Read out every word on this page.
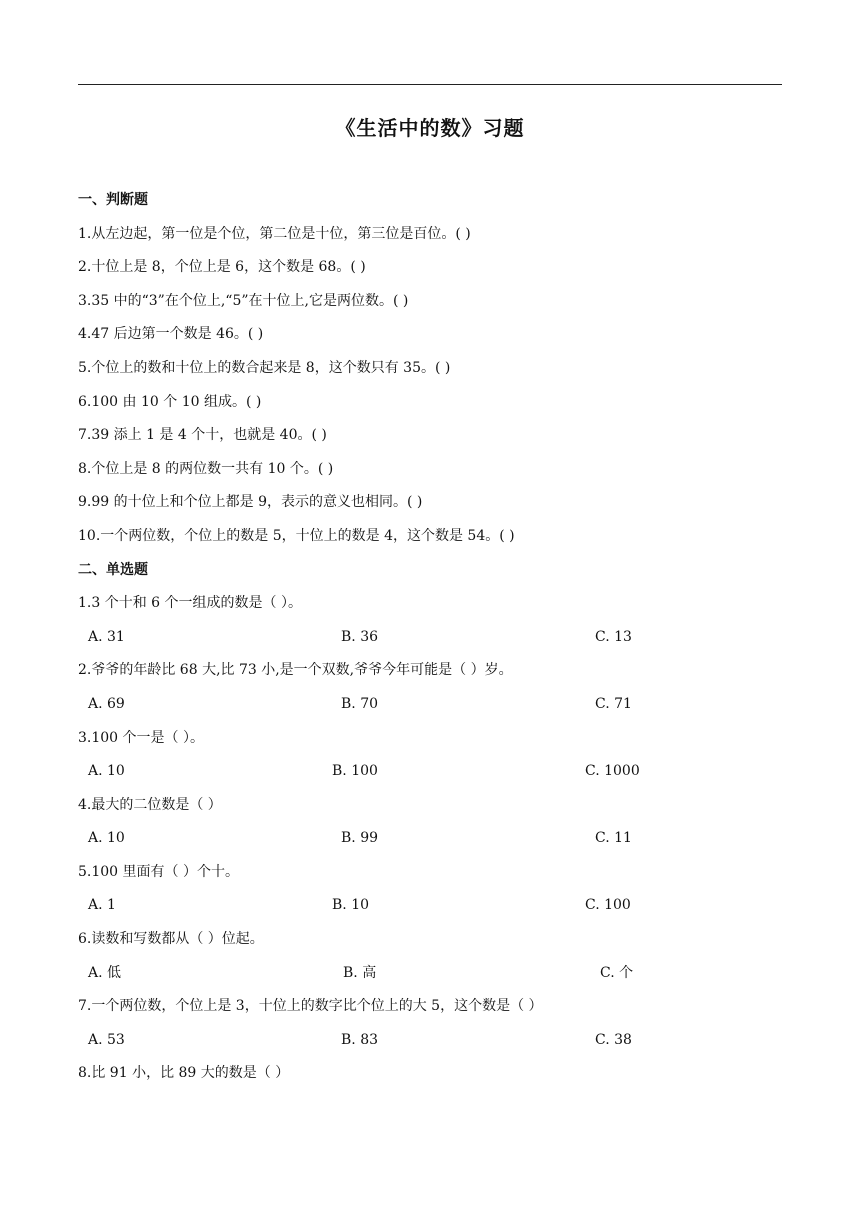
《生活中的数》习题
一、判断题
1.从左边起，第一位是个位，第二位是十位，第三位是百位。( )
2.十位上是 8，个位上是 6，这个数是 68。( )
3.35 中的“3”在个位上,“5”在十位上,它是两位数。( )
4.47 后边第一个数是 46。( )
5.个位上的数和十位上的数合起来是 8，这个数只有 35。( )
6.100 由 10 个 10 组成。( )
7.39 添上 1 是 4 个十，也就是 40。( )
8.个位上是 8 的两位数一共有 10 个。( )
9.99 的十位上和个位上都是 9，表示的意义也相同。( )
10.一个两位数，个位上的数是 5，十位上的数是 4，这个数是 54。( )
二、单选题
1.3 个十和 6 个一组成的数是（ ）。
A. 31	B. 36	C. 13
2.爷爷的年龄比 68 大,比 73 小,是一个双数,爷爷今年可能是（ ）岁。
A. 69	B. 70	C. 71
3.100 个一是（ ）。
A. 10	B. 100	C. 1000
4.最大的二位数是（ ）
A. 10	B. 99	C. 11
5.100 里面有（ ）个十。
A. 1	B. 10	C. 100
6.读数和写数都从（ ）位起。
A. 低	B. 高	C. 个
7.一个两位数，个位上是 3，十位上的数字比个位上的大 5，这个数是（ ）
A. 53	B. 83	C. 38
8.比 91 小，比 89 大的数是（ ）
